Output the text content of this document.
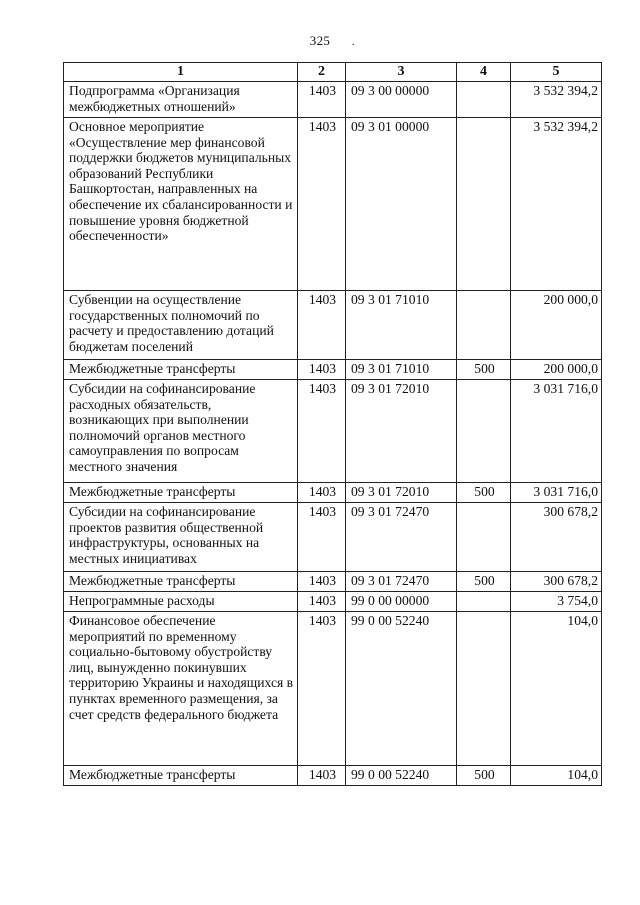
325 .
1	2	3	4	5
Подпрограмма «Организация межбюджетных отношений»	1403	09 3 00 00000		3 532 394,2
Основное мероприятие «Осуществление мер финансовой поддержки бюджетов муниципальных образований Республики Башкортостан, направленных на обеспечение их сбалансированности и повышение уровня бюджетной обеспеченности»	1403	09 3 01 00000		3 532 394,2
Субвенции на осуществление государственных полномочий по расчету и предоставлению дотаций бюджетам поселений	1403	09 3 01 71010		200 000,0
Межбюджетные трансферты	1403	09 3 01 71010	500	200 000,0
Субсидии на софинансирование расходных обязательств, возникающих при выполнении полномочий органов местного самоуправления по вопросам местного значения	1403	09 3 01 72010		3 031 716,0
Межбюджетные трансферты	1403	09 3 01 72010	500	3 031 716,0
Субсидии на софинансирование проектов развития общественной инфраструктуры, основанных на местных инициативах	1403	09 3 01 72470		300 678,2
Межбюджетные трансферты	1403	09 3 01 72470	500	300 678,2
Непрограммные расходы	1403	99 0 00 00000		3 754,0
Финансовое обеспечение мероприятий по временному социально-бытовому обустройству лиц, вынужденно покинувших территорию Украины и находящихся в пунктах временного размещения, за счет средств федерального бюджета	1403	99 0 00 52240		104,0
Межбюджетные трансферты	1403	99 0 00 52240	500	104,0
